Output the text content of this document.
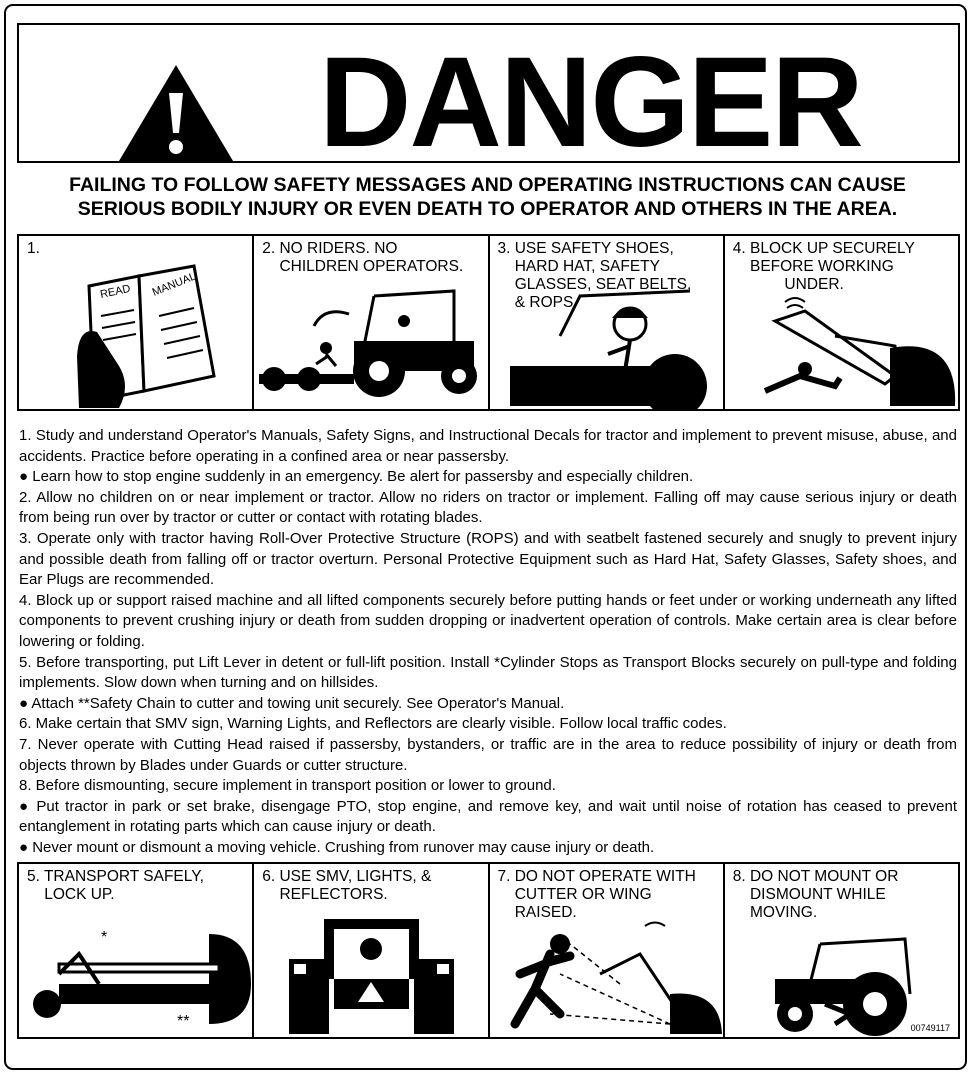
DANGER
FAILING TO FOLLOW SAFETY MESSAGES AND OPERATING INSTRUCTIONS CAN CAUSE
SERIOUS BODILY INJURY OR EVEN DEATH TO OPERATOR AND OTHERS IN THE AREA.
1.
READ MANUAL
2. NO RIDERS. NO
CHILDREN OPERATORS.
3. USE SAFETY SHOES,
HARD HAT, SAFETY
GLASSES, SEAT BELTS,
& ROPS.
4. BLOCK UP SECURELY
BEFORE WORKING
UNDER.

1. Study and understand Operator's Manuals, Safety Signs, and Instructional Decals for tractor and implement to prevent misuse, abuse, and accidents. Practice before operating in a confined area or near passersby.

● Learn how to stop engine suddenly in an emergency. Be alert for passersby and especially children.

2. Allow no children on or near implement or tractor. Allow no riders on tractor or implement. Falling off may cause serious injury or death from being run over by tractor or cutter or contact with rotating blades.

3. Operate only with tractor having Roll-Over Protective Structure (ROPS) and with seatbelt fastened securely and snugly to prevent injury and possible death from falling off or tractor overturn. Personal Protective Equipment such as Hard Hat, Safety Glasses, Safety shoes, and Ear Plugs are recommended.

4. Block up or support raised machine and all lifted components securely before putting hands or feet under or working underneath any lifted components to prevent crushing injury or death from sudden dropping or inadvertent operation of controls. Make certain area is clear before lowering or folding.

5. Before transporting, put Lift Lever in detent or full-lift position. Install *Cylinder Stops as Transport Blocks securely on pull-type and folding implements. Slow down when turning and on hillsides.

● Attach **Safety Chain to cutter and towing unit securely. See Operator's Manual.

6. Make certain that SMV sign, Warning Lights, and Reflectors are clearly visible. Follow local traffic codes.

7. Never operate with Cutting Head raised if passersby, bystanders, or traffic are in the area to reduce possibility of injury or death from objects thrown by Blades under Guards or cutter structure.

8. Before dismounting, secure implement in transport position or lower to ground.

● Put tractor in park or set brake, disengage PTO, stop engine, and remove key, and wait until noise of rotation has ceased to prevent entanglement in rotating parts which can cause injury or death.

● Never mount or dismount a moving vehicle. Crushing from runover may cause injury or death.

5. TRANSPORT SAFELY,
LOCK UP.
*
**
6. USE SMV, LIGHTS, &
REFLECTORS.
7. DO NOT OPERATE WITH
CUTTER OR WING
RAISED.
8. DO NOT MOUNT OR
DISMOUNT WHILE
MOVING.
00749117
